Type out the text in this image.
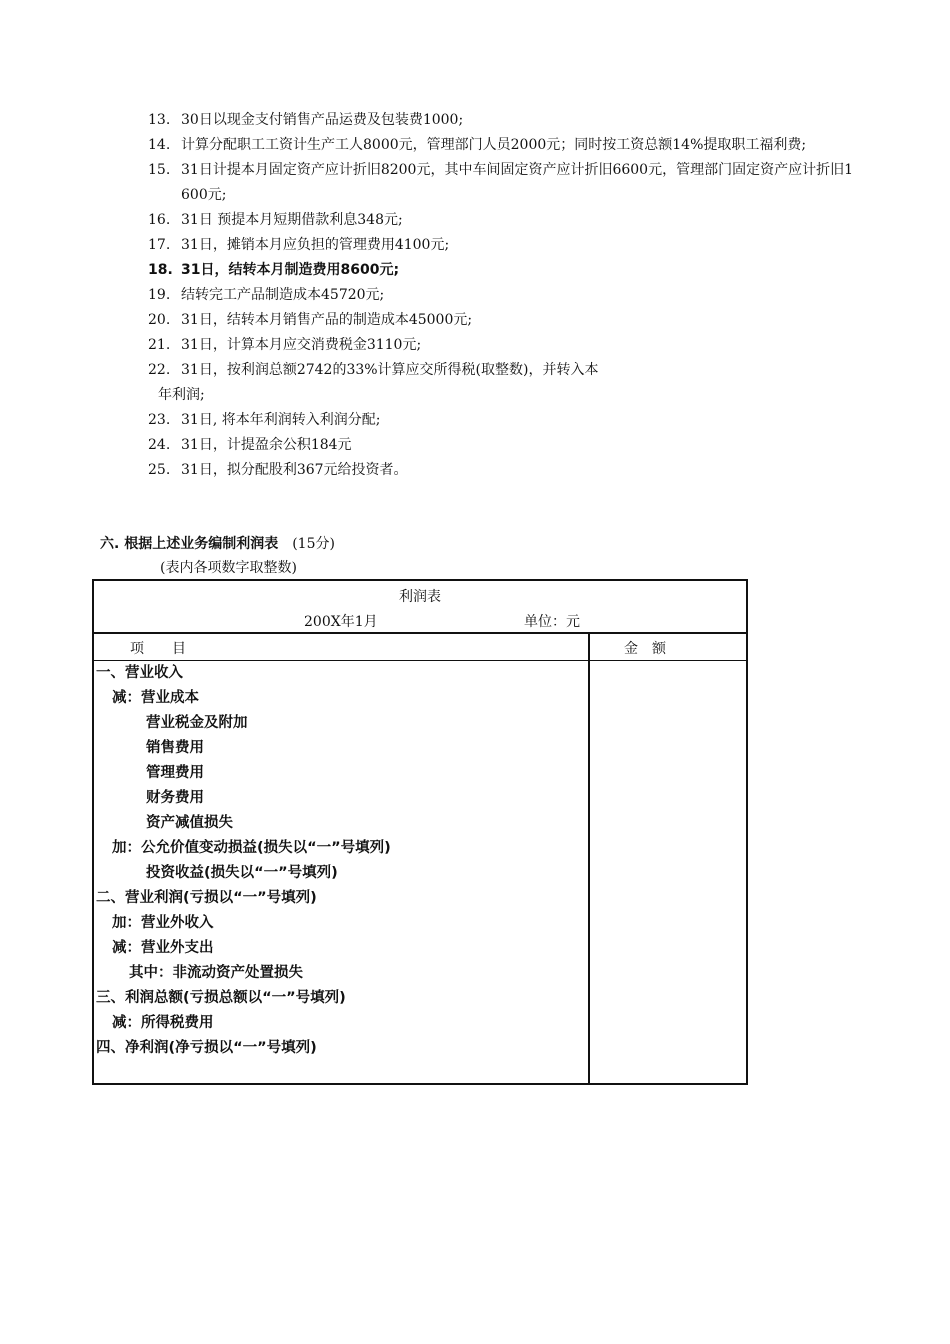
13. 30日以现金支付销售产品运费及包装费1000;
14. 计算分配职工工资计生产工人8000元，管理部门人员2000元；同时按工资总额14%提取职工福利费;
15. 31日计提本月固定资产应计折旧8200元，其中车间固定资产应计折旧6600元，管理部门固定资产应计折旧1 600元;
16. 31日 预提本月短期借款利息348元;
17. 31日，摊销本月应负担的管理费用4100元;
18. 31日，结转本月制造费用8600元;
19. 结转完工产品制造成本45720元;
20. 31日，结转本月销售产品的制造成本45000元;
21. 31日，计算本月应交消费税金3110元;
22. 31日，按利润总额2742的33%计算应交所得税(取整数)，并转入本
年利润;
23. 31日, 将本年利润转入利润分配;
24. 31日，计提盈余公积184元
25. 31日，拟分配股利367元给投资者。
六. 根据上述业务编制利润表 (15分)
(表内各项数字取整数)
利润表
200X年1月	单位：元
项　　目	金　额
一、营业收入
减：营业成本
营业税金及附加
销售费用
管理费用
财务费用
资产减值损失
加：公允价值变动损益(损失以“一”号填列)
投资收益(损失以“一”号填列)
二、营业利润(亏损以“一”号填列)
加：营业外收入
减：营业外支出
其中：非流动资产处置损失
三、利润总额(亏损总额以“一”号填列)
减：所得税费用
四、净利润(净亏损以“一”号填列)
